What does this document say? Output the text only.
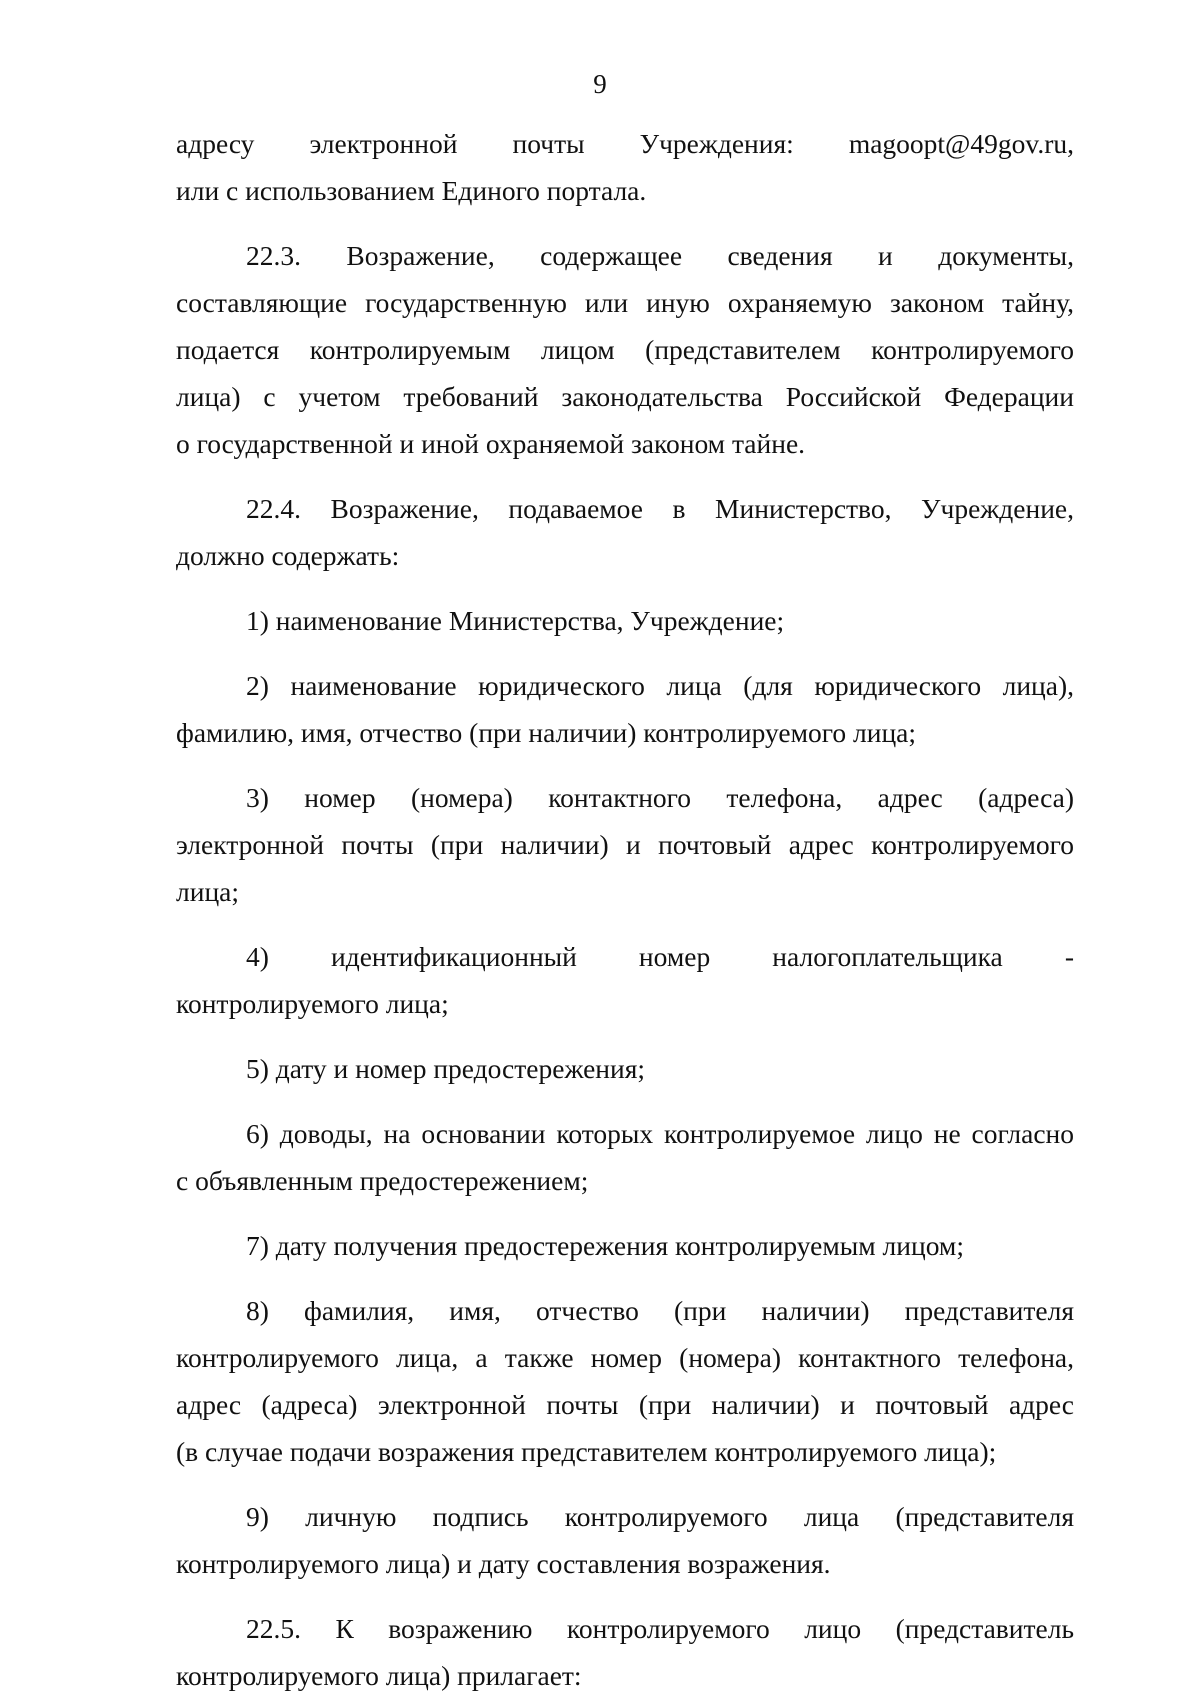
9
адресу электронной почты Учреждения: magoopt@49gov.ru,
или с использованием Единого портала.
22.3. Возражение, содержащее сведения и документы,
составляющие государственную или иную охраняемую законом тайну,
подается контролируемым лицом (представителем контролируемого
лица) с учетом требований законодательства Российской Федерации
о государственной и иной охраняемой законом тайне.
22.4. Возражение, подаваемое в Министерство, Учреждение,
должно содержать:
1) наименование Министерства, Учреждение;
2) наименование юридического лица (для юридического лица),
фамилию, имя, отчество (при наличии) контролируемого лица;
3) номер (номера) контактного телефона, адрес (адреса)
электронной почты (при наличии) и почтовый адрес контролируемого
лица;
4) идентификационный номер налогоплательщика -
контролируемого лица;
5) дату и номер предостережения;
6) доводы, на основании которых контролируемое лицо не согласно
с объявленным предостережением;
7) дату получения предостережения контролируемым лицом;
8) фамилия, имя, отчество (при наличии) представителя
контролируемого лица, а также номер (номера) контактного телефона,
адрес (адреса) электронной почты (при наличии) и почтовый адрес
(в случае подачи возражения представителем контролируемого лица);
9) личную подпись контролируемого лица (представителя
контролируемого лица) и дату составления возражения.
22.5. К возражению контролируемого лицо (представитель
контролируемого лица) прилагает:
